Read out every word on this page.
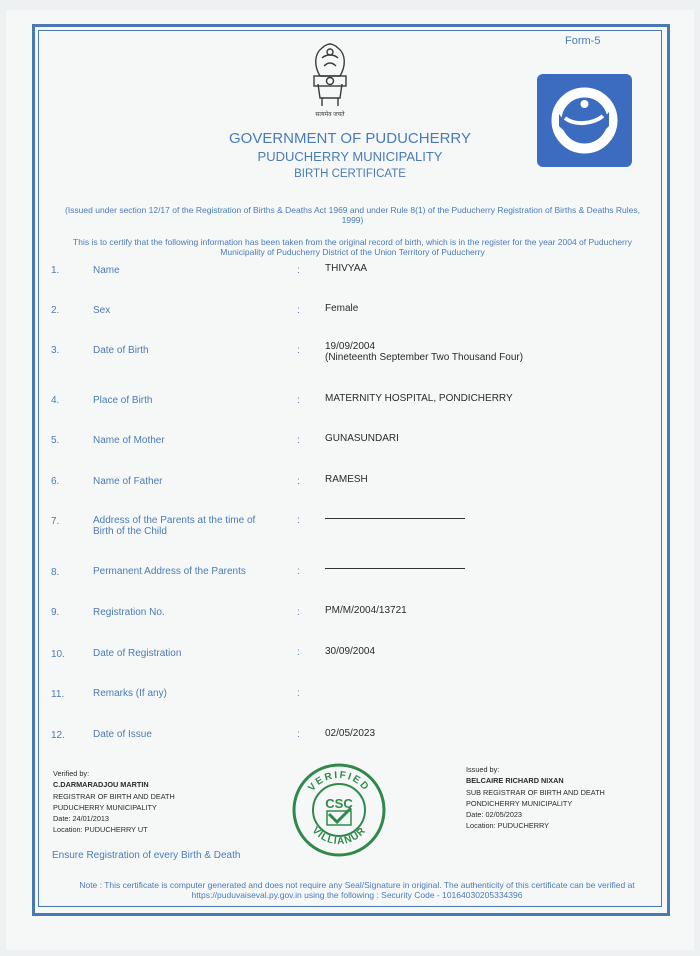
Form-5
सत्यमेव जयते
GOVERNMENT OF PUDUCHERRY
PUDUCHERRY MUNICIPALITY
BIRTH CERTIFICATE
(Issued under section 12/17 of the Registration of Births & Deaths Act 1969 and under Rule 8(1) of the Puducherry Registration of Births & Deaths Rules, 1999)
This is to certify that the following information has been taken from the original record of birth, which is in the register for the year 2004 of Puducherry Municipality of Puducherry District of the Union Territory of Puducherry
1.	Name	:	THIVYAA
2.	Sex	:	Female
3.	Date of Birth	:	19/09/2004
(Nineteenth September Two Thousand Four)
4.	Place of Birth	:	MATERNITY HOSPITAL, PONDICHERRY
5.	Name of Mother	:	GUNASUNDARI
6.	Name of Father	:	RAMESH
7.	Address of the Parents at the time of Birth of the Child
:
8.	Permanent Address of the Parents	:
9.	Registration No.	:	PM/M/2004/13721
10.	Date of Registration	:	30/09/2004
11.	Remarks (If any)	:
12.	Date of Issue	:	02/05/2023
Verified by:
C.DARMARADJOU MARTIN
REGISTRAR OF BIRTH AND DEATH
PUDUCHERRY MUNICIPALITY
Date: 24/01/2013
Location: PUDUCHERRY UT
Issued by:
BELCAIRE RICHARD NIXAN
SUB REGISTRAR OF BIRTH AND DEATH
PONDICHERRY MUNICIPALITY
Date: 02/05/2023
Location: PUDUCHERRY
VERIFIED
VILLIANUR
CSC
Ensure Registration of every Birth & Death
Note : This certificate is computer generated and does not require any Seal/Signature in original. The authenticity of this certificate can be verified at https://puduvaiseval.py.gov.in using the following : Security Code - 101640302053343​96
